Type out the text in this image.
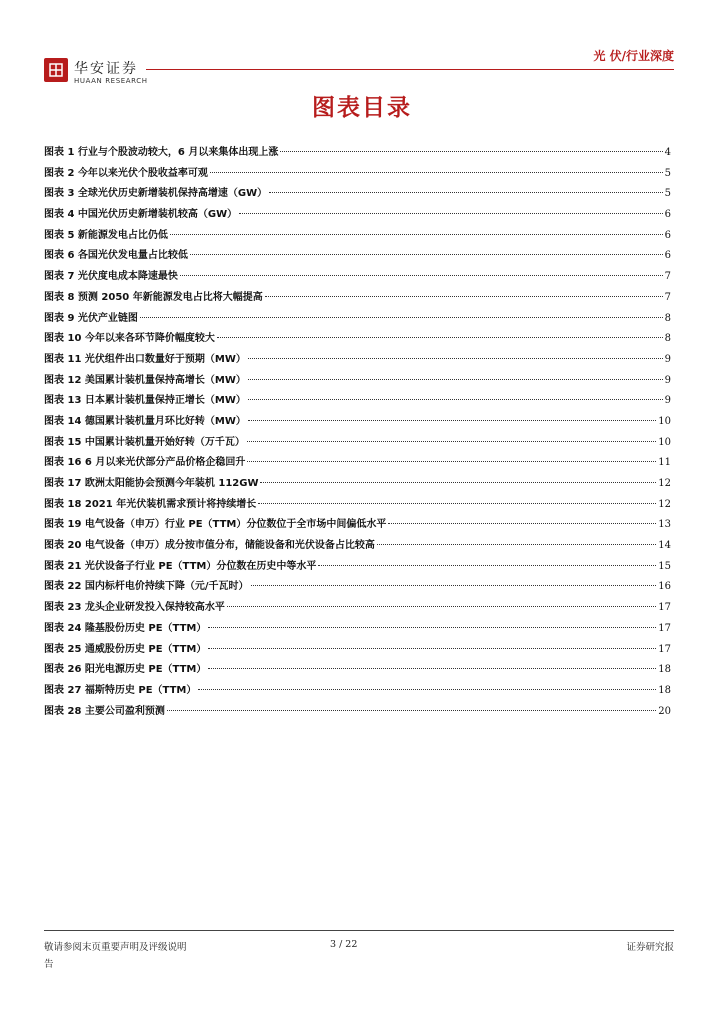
华安证券
HUAAN RESEARCH
光 伏/行业深度
图表目录
图表 1 行业与个股波动较大，6 月以来集体出现上涨	4
图表 2 今年以来光伏个股收益率可观	5
图表 3 全球光伏历史新增装机保持高增速（GW）	5
图表 4 中国光伏历史新增装机较高（GW）	6
图表 5 新能源发电占比仍低	6
图表 6 各国光伏发电量占比较低	6
图表 7 光伏度电成本降速最快	7
图表 8 预测 2050 年新能源发电占比将大幅提高	7
图表 9 光伏产业链图	8
图表 10 今年以来各环节降价幅度较大	8
图表 11 光伏组件出口数量好于预期（MW）	9
图表 12 美国累计装机量保持高增长（MW）	9
图表 13 日本累计装机量保持正增长（MW）	9
图表 14 德国累计装机量月环比好转（MW）	10
图表 15 中国累计装机量开始好转（万千瓦）	10
图表 16 6 月以来光伏部分产品价格企稳回升	11
图表 17 欧洲太阳能协会预测今年装机 112GW	12
图表 18 2021 年光伏装机需求预计将持续增长	12
图表 19 电气设备（申万）行业 PE（TTM）分位数位于全市场中间偏低水平	13
图表 20 电气设备（申万）成分按市值分布，储能设备和光伏设备占比较高	14
图表 21 光伏设备子行业 PE（TTM）分位数在历史中等水平	15
图表 22 国内标杆电价持续下降（元/千瓦时）	16
图表 23 龙头企业研发投入保持较高水平	17
图表 24 隆基股份历史 PE（TTM）	17
图表 25 通威股份历史 PE（TTM）	17
图表 26 阳光电源历史 PE（TTM）	18
图表 27 福斯特历史 PE（TTM）	18
图表 28 主要公司盈利预测	20
敬请参阅末页重要声明及评级说明
告
3 / 22	证券研究报
